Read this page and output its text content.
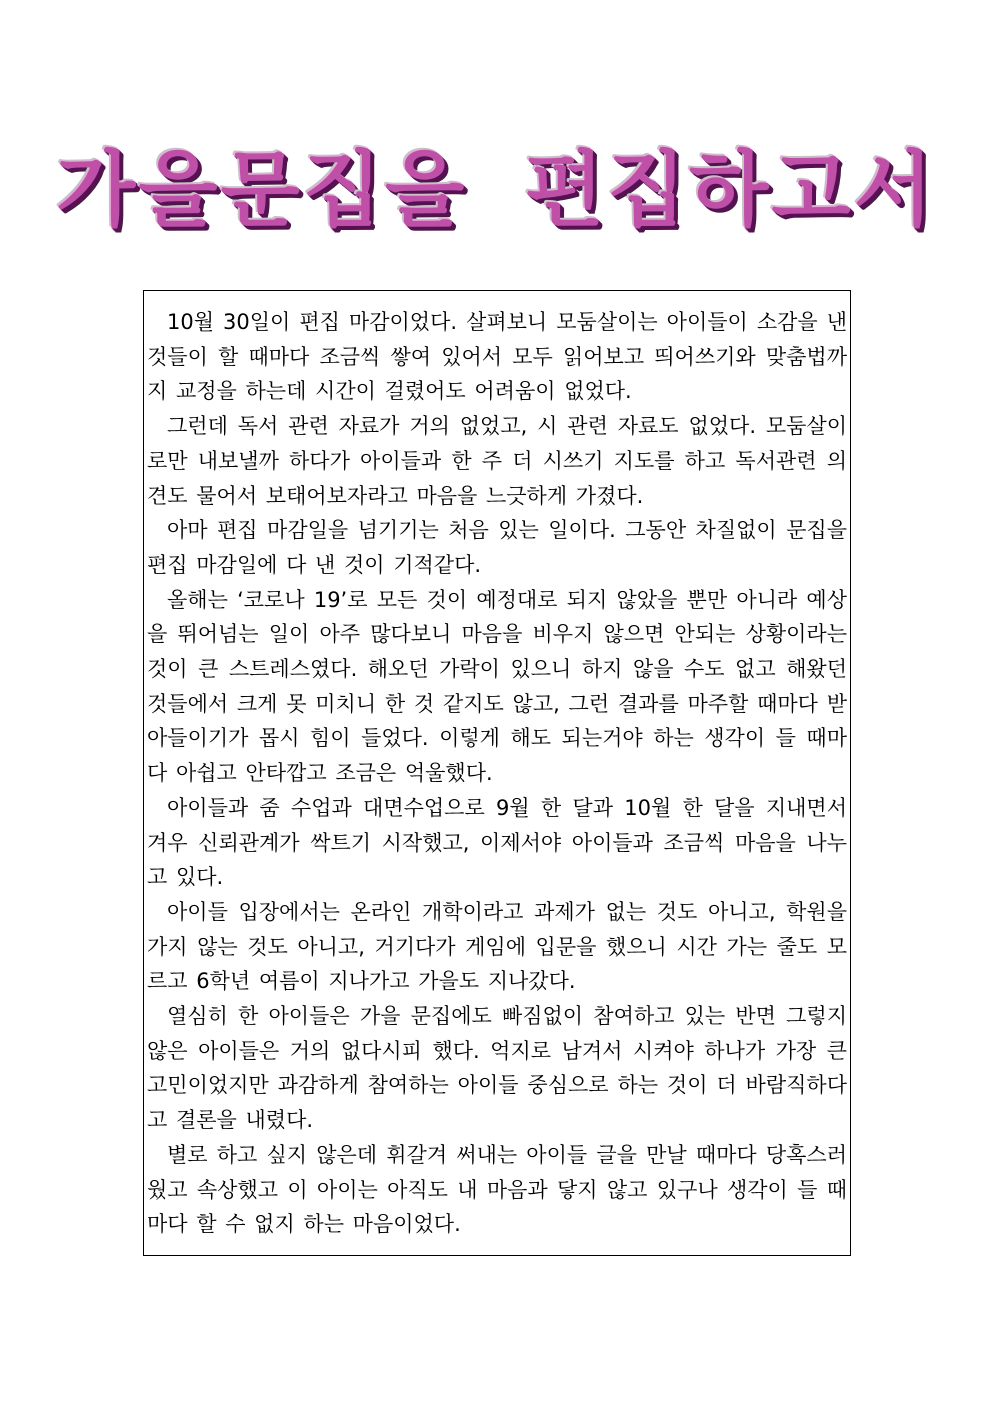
가을문집을 편집하고서

10월 30일이 편집 마감이었다. 살펴보니 모둠살이는 아이들이 소감을 낸 것들이 할 때마다 조금씩 쌓여 있어서 모두 읽어보고 띄어쓰기와 맞춤법까지 교정을 하는데 시간이 걸렸어도 어려움이 없었다.

그런데 독서 관련 자료가 거의 없었고, 시 관련 자료도 없었다. 모둠살이로만 내보낼까 하다가 아이들과 한 주 더 시쓰기 지도를 하고 독서관련 의견도 물어서 보태어보자라고 마음을 느긋하게 가졌다.

아마 편집 마감일을 넘기기는 처음 있는 일이다. 그동안 차질없이 문집을 편집 마감일에 다 낸 것이 기적같다.

올해는 ‘코로나 19’로 모든 것이 예정대로 되지 않았을 뿐만 아니라 예상을 뛰어넘는 일이 아주 많다보니 마음을 비우지 않으면 안되는 상황이라는 것이 큰 스트레스였다. 해오던 가락이 있으니 하지 않을 수도 없고 해왔던 것들에서 크게 못 미치니 한 것 같지도 않고, 그런 결과를 마주할 때마다 받아들이기가 몹시 힘이 들었다. 이렇게 해도 되는거야 하는 생각이 들 때마다 아쉽고 안타깝고 조금은 억울했다.

아이들과 줌 수업과 대면수업으로 9월 한 달과 10월 한 달을 지내면서 겨우 신뢰관계가 싹트기 시작했고, 이제서야 아이들과 조금씩 마음을 나누고 있다.

아이들 입장에서는 온라인 개학이라고 과제가 없는 것도 아니고, 학원을 가지 않는 것도 아니고, 거기다가 게임에 입문을 했으니 시간 가는 줄도 모르고 6학년 여름이 지나가고 가을도 지나갔다.

열심히 한 아이들은 가을 문집에도 빠짐없이 참여하고 있는 반면 그렇지 않은 아이들은 거의 없다시피 했다. 억지로 남겨서 시켜야 하나가 가장 큰 고민이었지만 과감하게 참여하는 아이들 중심으로 하는 것이 더 바람직하다고 결론을 내렸다.

별로 하고 싶지 않은데 휘갈겨 써내는 아이들 글을 만날 때마다 당혹스러웠고 속상했고 이 아이는 아직도 내 마음과 닿지 않고 있구나 생각이 들 때마다 할 수 없지 하는 마음이었다.
